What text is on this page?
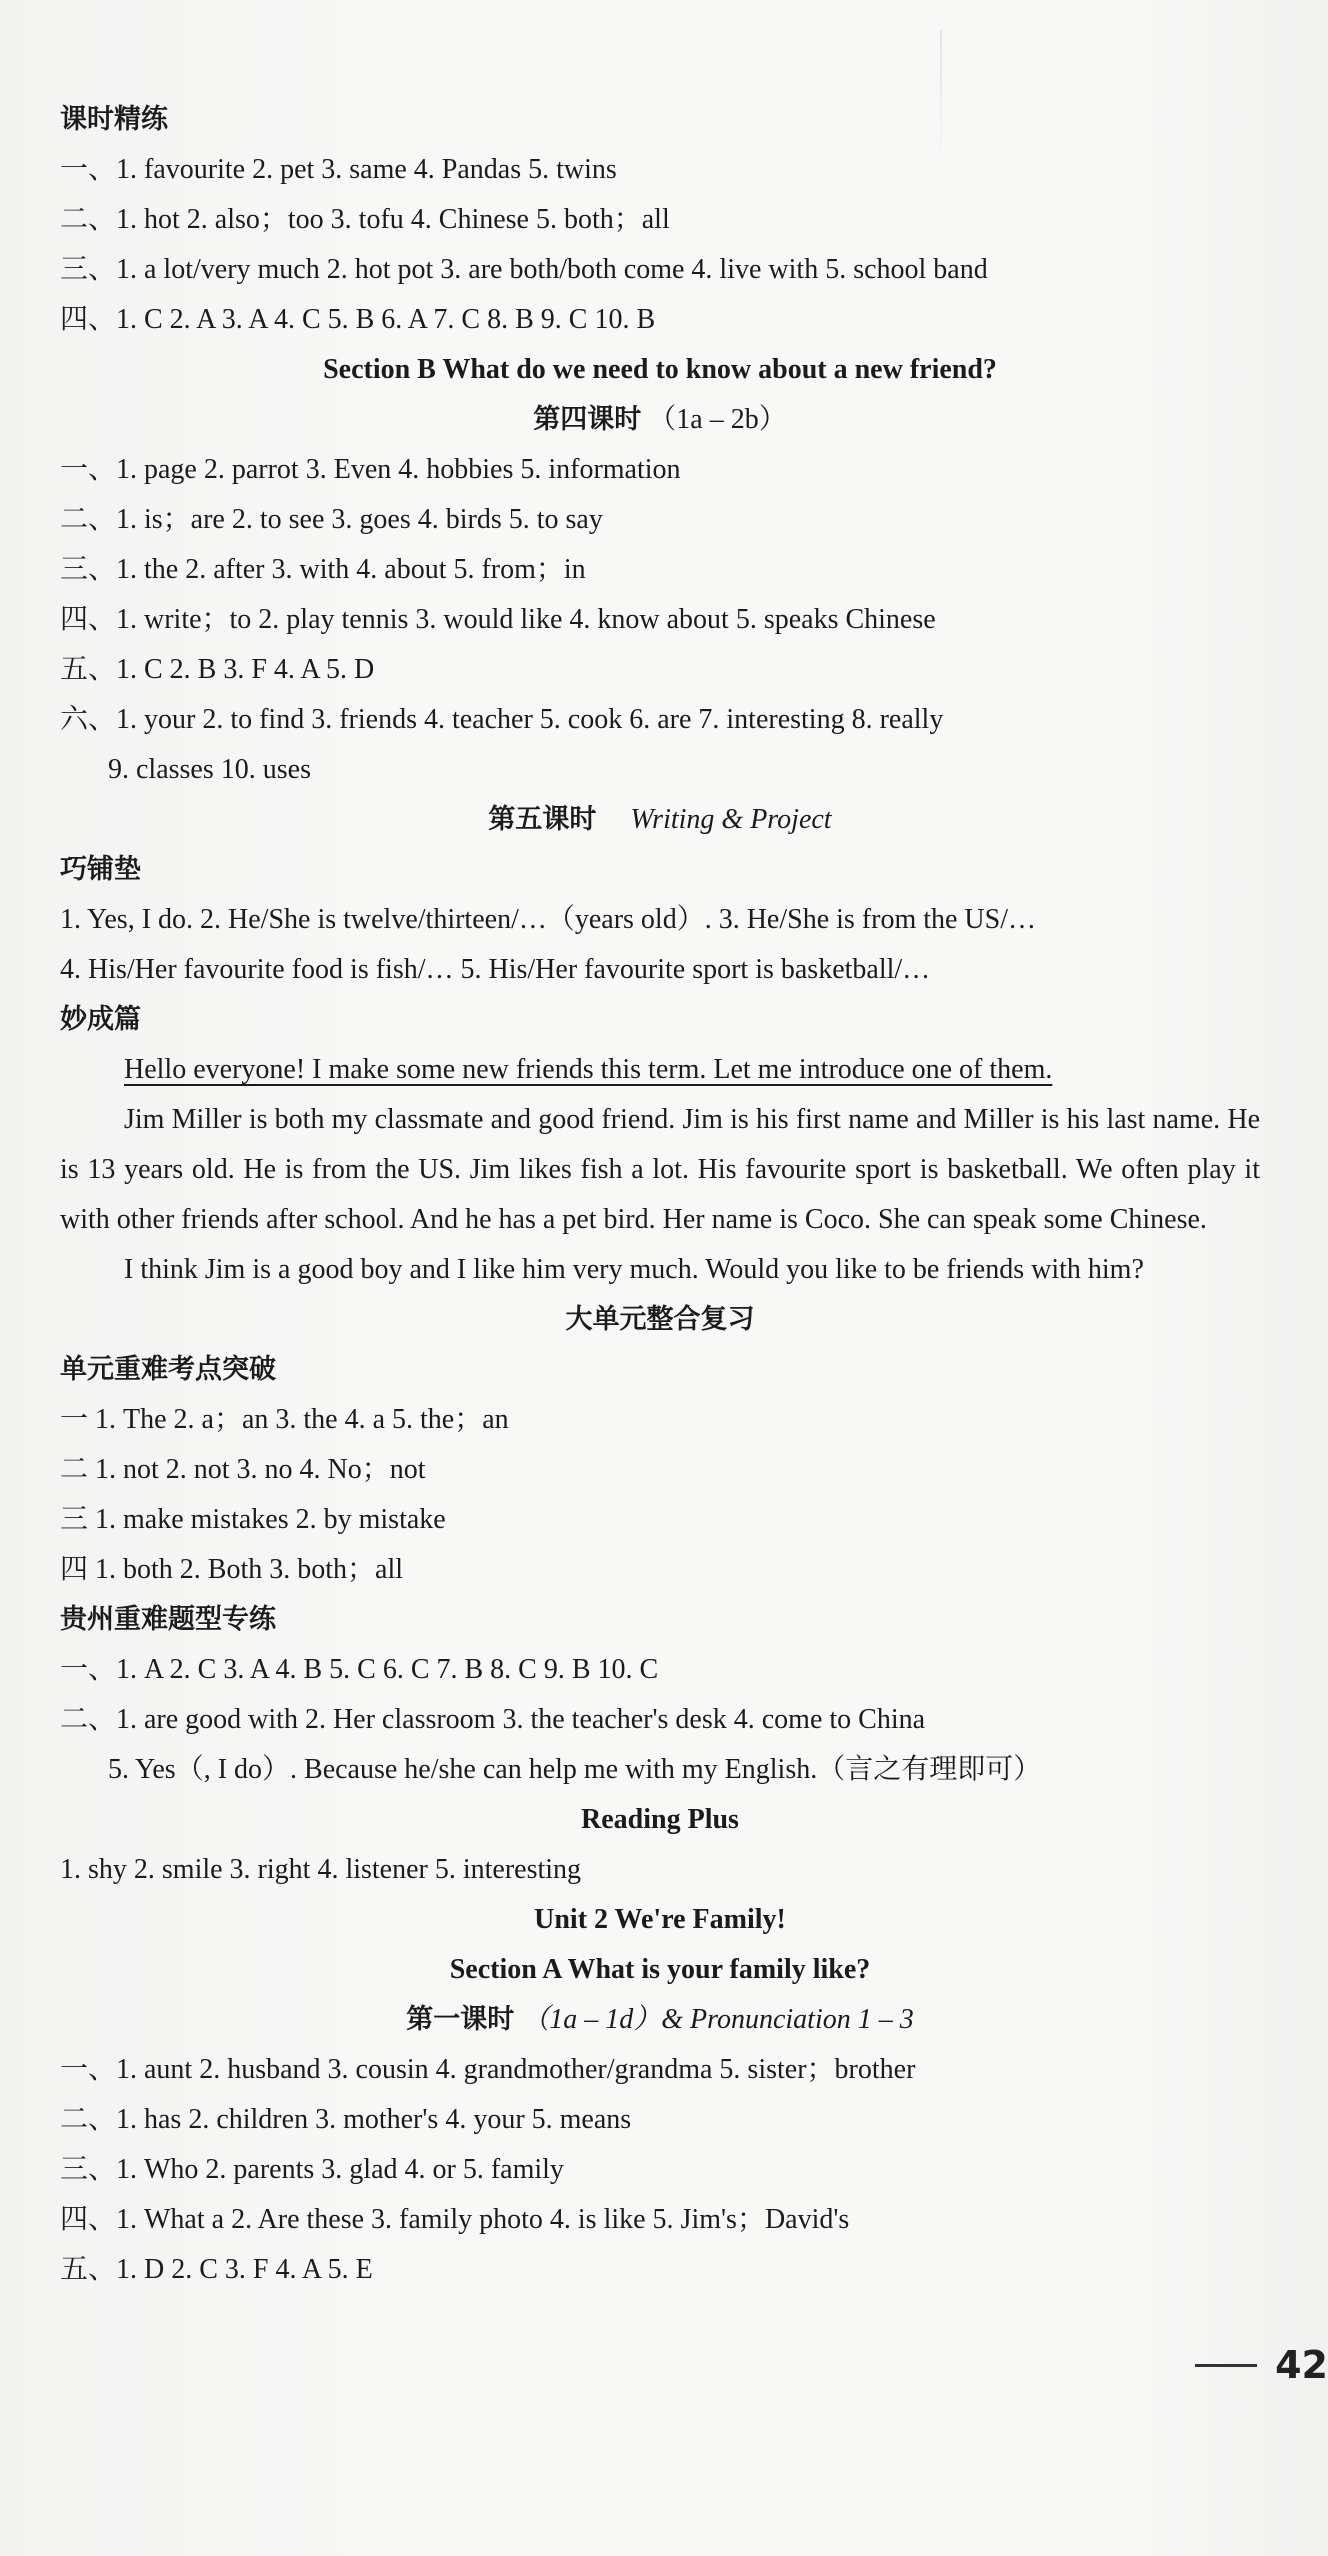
课时精练
一、1. favourite 2. pet 3. same 4. Pandas 5. twins
二、1. hot 2. also；too 3. tofu 4. Chinese 5. both；all
三、1. a lot/very much 2. hot pot 3. are both/both come 4. live with 5. school band
四、1. C 2. A 3. A 4. C 5. B 6. A 7. C 8. B 9. C 10. B
Section B What do we need to know about a new friend?
第四课时 （1a – 2b）
一、1. page 2. parrot 3. Even 4. hobbies 5. information
二、1. is；are 2. to see 3. goes 4. birds 5. to say
三、1. the 2. after 3. with 4. about 5. from；in
四、1. write；to 2. play tennis 3. would like 4. know about 5. speaks Chinese
五、1. C 2. B 3. F 4. A 5. D
六、1. your 2. to find 3. friends 4. teacher 5. cook 6. are 7. interesting 8. really
9. classes 10. uses
第五课时 Writing & Project
巧铺垫
1. Yes, I do. 2. He/She is twelve/thirteen/…（years old）. 3. He/She is from the US/…
4. His/Her favourite food is fish/… 5. His/Her favourite sport is basketball/…
妙成篇
Hello everyone! I make some new friends this term. Let me introduce one of them.
Jim Miller is both my classmate and good friend. Jim is his first name and Miller is his last name. He is 13 years old. He is from the US. Jim likes fish a lot. His favourite sport is basketball. We often play it with other friends after school. And he has a pet bird. Her name is Coco. She can speak some Chinese.
I think Jim is a good boy and I like him very much. Would you like to be friends with him?
大单元整合复习
单元重难考点突破
一 1. The 2. a；an 3. the 4. a 5. the；an
二 1. not 2. not 3. no 4. No；not
三 1. make mistakes 2. by mistake
四 1. both 2. Both 3. both；all
贵州重难题型专练
一、1. A 2. C 3. A 4. B 5. C 6. C 7. B 8. C 9. B 10. C
二、1. are good with 2. Her classroom 3. the teacher's desk 4. come to China
5. Yes（, I do）. Because he/she can help me with my English.（言之有理即可）
Reading Plus
1. shy 2. smile 3. right 4. listener 5. interesting
Unit 2 We're Family!
Section A What is your family like?
第一课时 （1a – 1d）& Pronunciation 1 – 3
一、1. aunt 2. husband 3. cousin 4. grandmother/grandma 5. sister；brother
二、1. has 2. children 3. mother's 4. your 5. means
三、1. Who 2. parents 3. glad 4. or 5. family
四、1. What a 2. Are these 3. family photo 4. is like 5. Jim's；David's
五、1. D 2. C 3. F 4. A 5. E
42
